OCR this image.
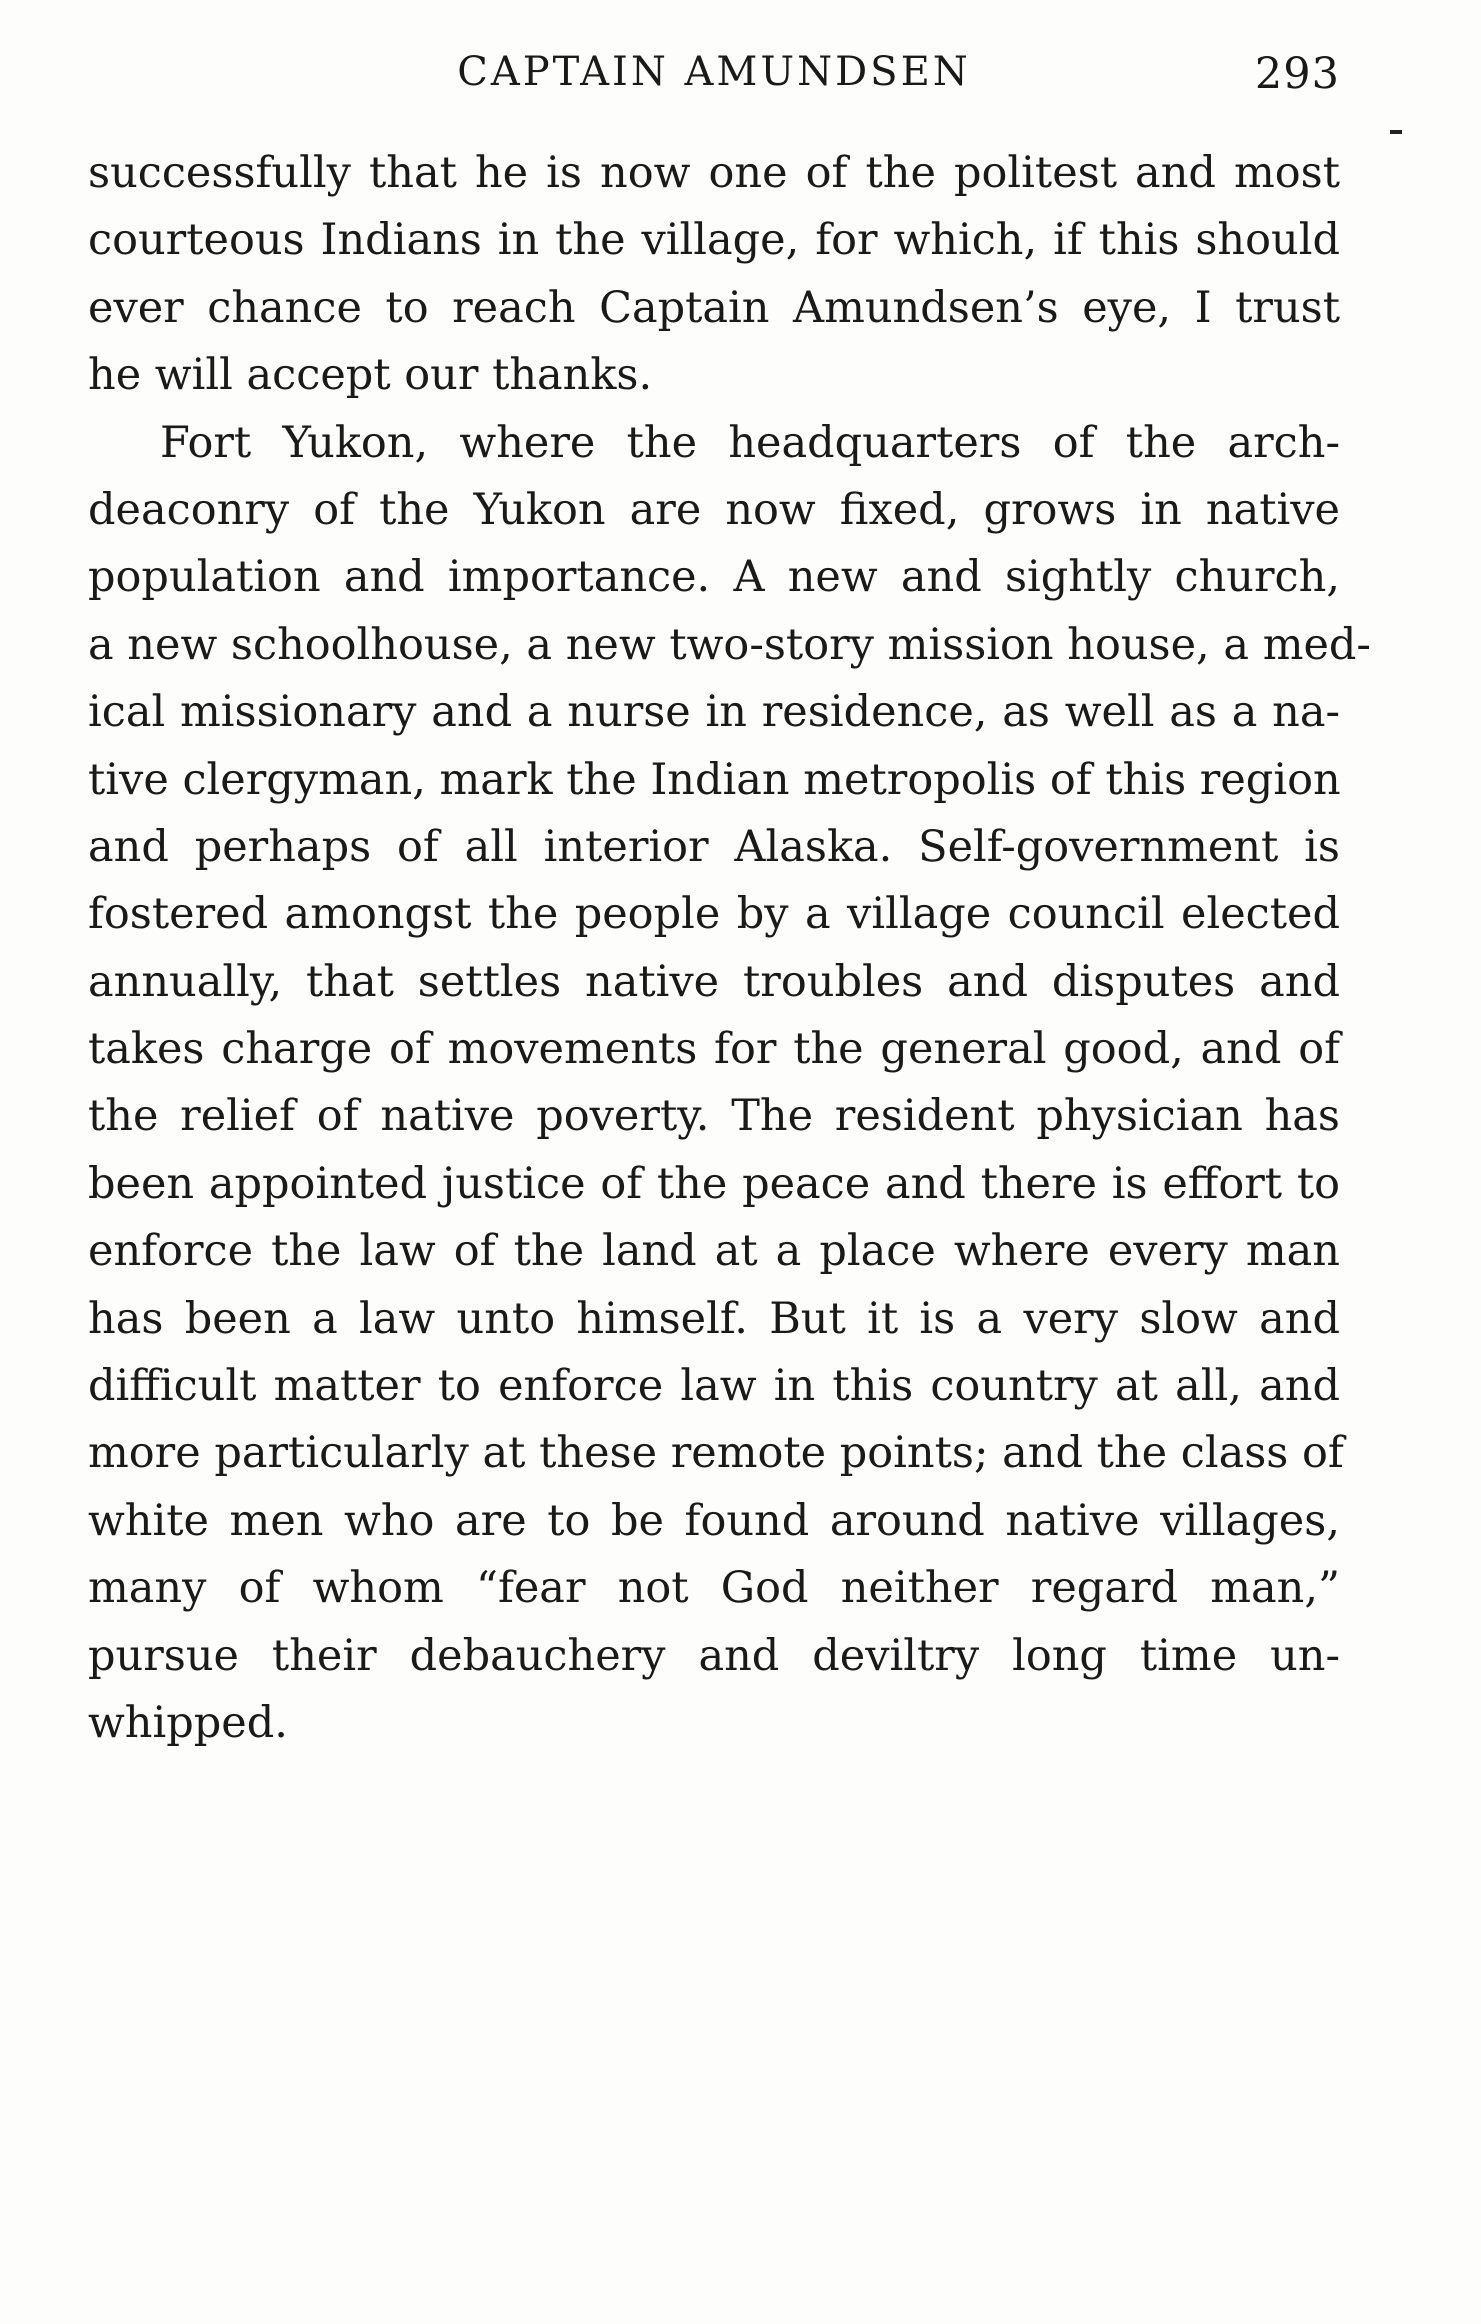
CAPTAIN AMUNDSEN	293
successfully that he is now one of the politest and most
courteous Indians in the village, for which, if this should
ever chance to reach Captain Amundsen’s eye, I trust
he will accept our thanks.
Fort Yukon, where the headquarters of the arch-
deaconry of the Yukon are now fixed, grows in native
population and importance. A new and sightly church,
a new schoolhouse, a new two-story mission house, a med-
ical missionary and a nurse in residence, as well as a na-
tive clergyman, mark the Indian metropolis of this region
and perhaps of all interior Alaska. Self-government is
fostered amongst the people by a village council elected
annually, that settles native troubles and disputes and
takes charge of movements for the general good, and of
the relief of native poverty. The resident physician has
been appointed justice of the peace and there is effort to
enforce the law of the land at a place where every man
has been a law unto himself. But it is a very slow and
difficult matter to enforce law in this country at all, and
more particularly at these remote points; and the class of
white men who are to be found around native villages,
many of whom “fear not God neither regard man,”
pursue their debauchery and deviltry long time un-
whipped.
